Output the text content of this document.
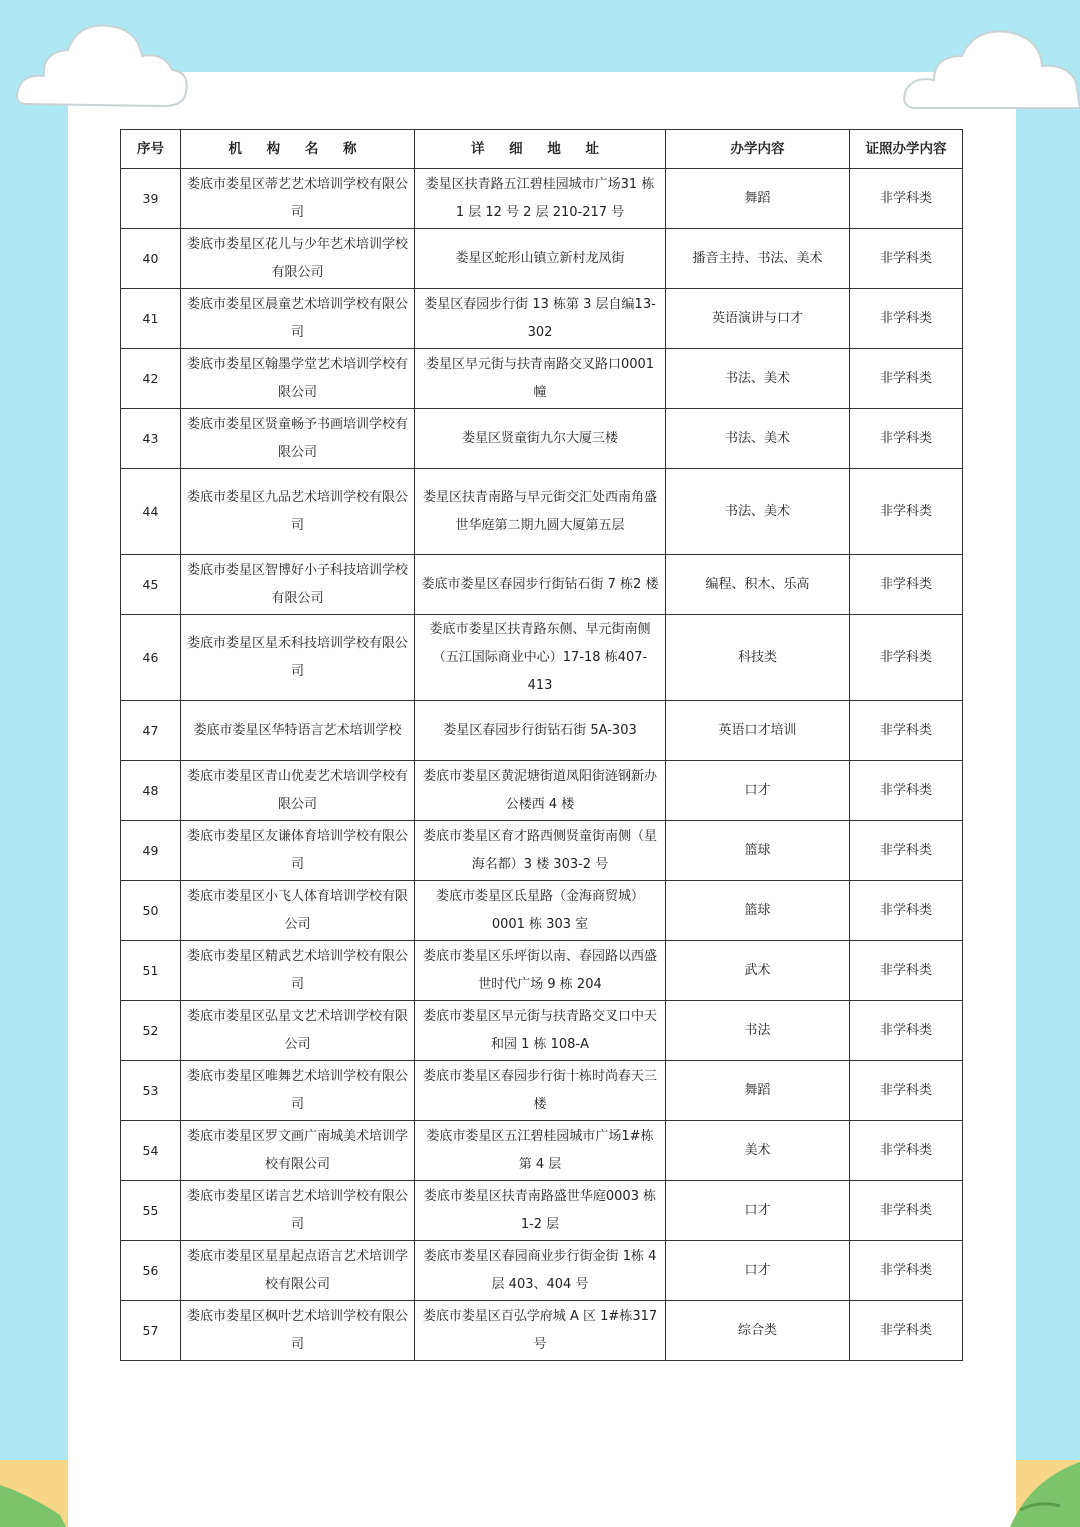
序号	机 构 名 称	详 细 地 址	办学内容	证照办学内容
39	娄底市娄星区蒂艺艺术培训学校有限公司	娄星区扶青路五江碧桂园城市广场31 栋 1 层 12 号 2 层 210-217 号	舞蹈	非学科类
40	娄底市娄星区花儿与少年艺术培训学校有限公司	娄星区蛇形山镇立新村龙凤街	播音主持、书法、美术	非学科类
41	娄底市娄星区晨童艺术培训学校有限公司	娄星区春园步行街 13 栋第 3 层自编13-302	英语演讲与口才	非学科类
42	娄底市娄星区翰墨学堂艺术培训学校有限公司	娄星区早元街与扶青南路交叉路口0001 幢	书法、美术	非学科类
43	娄底市娄星区贤童畅予书画培训学校有限公司	娄星区贤童街九尔大厦三楼	书法、美术	非学科类
44	娄底市娄星区九品艺术培训学校有限公司	娄星区扶青南路与早元街交汇处西南角盛世华庭第二期九圆大厦第五层	书法、美术	非学科类
45	娄底市娄星区智博好小子科技培训学校有限公司	娄底市娄星区春园步行街钻石街 7 栋2 楼	编程、积木、乐高	非学科类
46	娄底市娄星区星禾科技培训学校有限公司	娄底市娄星区扶青路东侧、早元街南侧（五江国际商业中心）17-18 栋407-413	科技类	非学科类
47	娄底市娄星区华特语言艺术培训学校	娄星区春园步行街钻石街 5A-303	英语口才培训	非学科类
48	娄底市娄星区青山优麦艺术培训学校有限公司	娄底市娄星区黄泥塘街道凤阳街涟钢新办公楼西 4 楼	口才	非学科类
49	娄底市娄星区友谦体育培训学校有限公司	娄底市娄星区育才路西侧贤童街南侧（星海名都）3 楼 303-2 号	篮球	非学科类
50	娄底市娄星区小飞人体育培训学校有限公司	娄底市娄星区氐星路（金海商贸城）0001 栋 303 室	篮球	非学科类
51	娄底市娄星区精武艺术培训学校有限公司	娄底市娄星区乐坪街以南、春园路以西盛世时代广场 9 栋 204	武术	非学科类
52	娄底市娄星区弘星文艺术培训学校有限公司	娄底市娄星区早元街与扶青路交叉口中天和园 1 栋 108-A	书法	非学科类
53	娄底市娄星区唯舞艺术培训学校有限公司	娄底市娄星区春园步行街十栋时尚春天三楼	舞蹈	非学科类
54	娄底市娄星区罗文画广南城美术培训学校有限公司	娄底市娄星区五江碧桂园城市广场1#栋第 4 层	美术	非学科类
55	娄底市娄星区诺言艺术培训学校有限公司	娄底市娄星区扶青南路盛世华庭0003 栋 1-2 层	口才	非学科类
56	娄底市娄星区星星起点语言艺术培训学校有限公司	娄底市娄星区春园商业步行街金街 1栋 4 层 403、404 号	口才	非学科类
57	娄底市娄星区枫叶艺术培训学校有限公司	娄底市娄星区百弘学府城 A 区 1#栋317 号	综合类	非学科类
